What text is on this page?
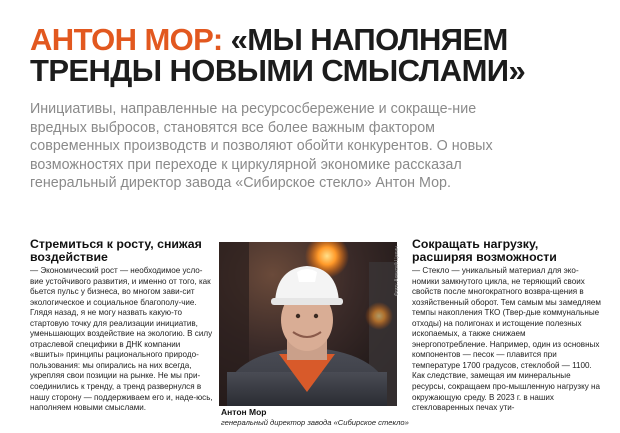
АНТОН МОР: «МЫ НАПОЛНЯЕМ ТРЕНДЫ НОВЫМИ СМЫСЛАМИ»

Инициативы, направленные на ресурсосбережение и сокраще-ние вредных выбросов, становятся все более важным фактором современных производств и позволяют обойти конкурентов. О новых возможностях при переходе к циркулярной экономике рассказал генеральный директор завода «Сибирское стекло» Антон Мор.

Стремиться к росту, снижая воздействие

— Экономический рост — необходимое усло-вие устойчивого развития, и именно от того, как бьется пульс у бизнеса, во многом зави-сит экологическое и социальное благополу-чие. Глядя назад, я не могу назвать какую-то стартовую точку для реализации инициатив, уменьшающих воздействие на экологию. В силу отраслевой специфики в ДНК компании «вшиты» принципы рационального природо-пользования: мы опирались на них всегда, укрепляя свои позиции на рынке. Не мы при-соединились к тренду, а тренд развернулся в нашу сторону — поддерживаем его и, наде-юсь, наполняем новыми смыслами.

Фото: Алексей Цилин

Антон Мор

генеральный директор завода «Сибирское стекло»

Сокращать нагрузку, расширяя возможности

— Стекло — уникальный материал для эко-номики замкнутого цикла, не теряющий своих свойств после многократного возвра-щения в хозяйственный оборот. Тем самым мы замедляем темпы накопления ТКО (Твер-дые коммунальные отходы) на полигонах и истощение полезных ископаемых, а также снижаем энергопотребление. Например, один из основных компонентов — песок — плавится при температуре 1700 градусов, стеклобой — 1100. Как следствие, замещая им минеральные ресурсы, сокращаем про-мышленную нагрузку на окружающую среду. В 2023 г. в наших стекловаренных печах ути-
